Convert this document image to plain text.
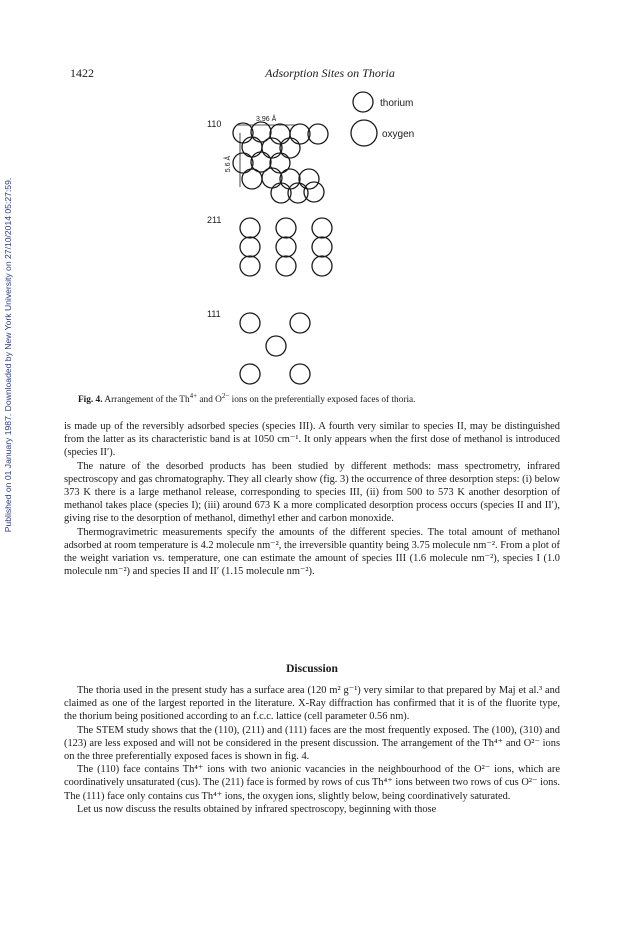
Published on 01 January 1987. Downloaded by New York University on 27/10/2014 05:27:59.
1422	Adsorption Sites on Thoria
thorium
oxygen
110
211
111
3.96 Å
5.6 Å
Fig. 4. Arrangement of the $Th^{4+}$ and $O^{2-}$ ions on the preferentially exposed faces of thoria.

is made up of the reversibly adsorbed species (species III). A fourth very similar to species II, may be distinguished from the latter as its characteristic band is at 1050 cm⁻¹. It only appears when the first dose of methanol is introduced (species II′).

The nature of the desorbed products has been studied by different methods: mass spectrometry, infrared spectroscopy and gas chromatography. They all clearly show (fig. 3) the occurrence of three desorption steps: (i) below 373 K there is a large methanol release, corresponding to species III, (ii) from 500 to 573 K another desorption of methanol takes place (species I); (iii) around 673 K a more complicated desorption process occurs (species II and II′), giving rise to the desorption of methanol, dimethyl ether and carbon monoxide.

Thermogravimetric measurements specify the amounts of the different species. The total amount of methanol adsorbed at room temperature is 4.2 molecule nm⁻², the irreversible quantity being 3.75 molecule nm⁻². From a plot of the weight variation vs. temperature, one can estimate the amount of species III (1.6 molecule nm⁻²), species I (1.0 molecule nm⁻²) and species II and II′ (1.15 molecule nm⁻²).

Discussion

The thoria used in the present study has a surface area (120 m² g⁻¹) very similar to that prepared by Maj et al.³ and claimed as one of the largest reported in the literature. X-Ray diffraction has confirmed that it is of the fluorite type, the thorium being positioned according to an f.c.c. lattice (cell parameter 0.56 nm).

The STEM study shows that the (110), (211) and (111) faces are the most frequently exposed. The (100), (310) and (123) are less exposed and will not be considered in the present discussion. The arrangement of the Th⁴⁺ and O²⁻ ions on the three preferentially exposed faces is shown in fig. 4.

The (110) face contains Th⁴⁺ ions with two anionic vacancies in the neighbourhood of the O²⁻ ions, which are coordinatively unsaturated (cus). The (211) face is formed by rows of cus Th⁴⁺ ions between two rows of cus O²⁻ ions. The (111) face only contains cus Th⁴⁺ ions, the oxygen ions, slightly below, being coordinatively saturated.

Let us now discuss the results obtained by infrared spectroscopy, beginning with those
